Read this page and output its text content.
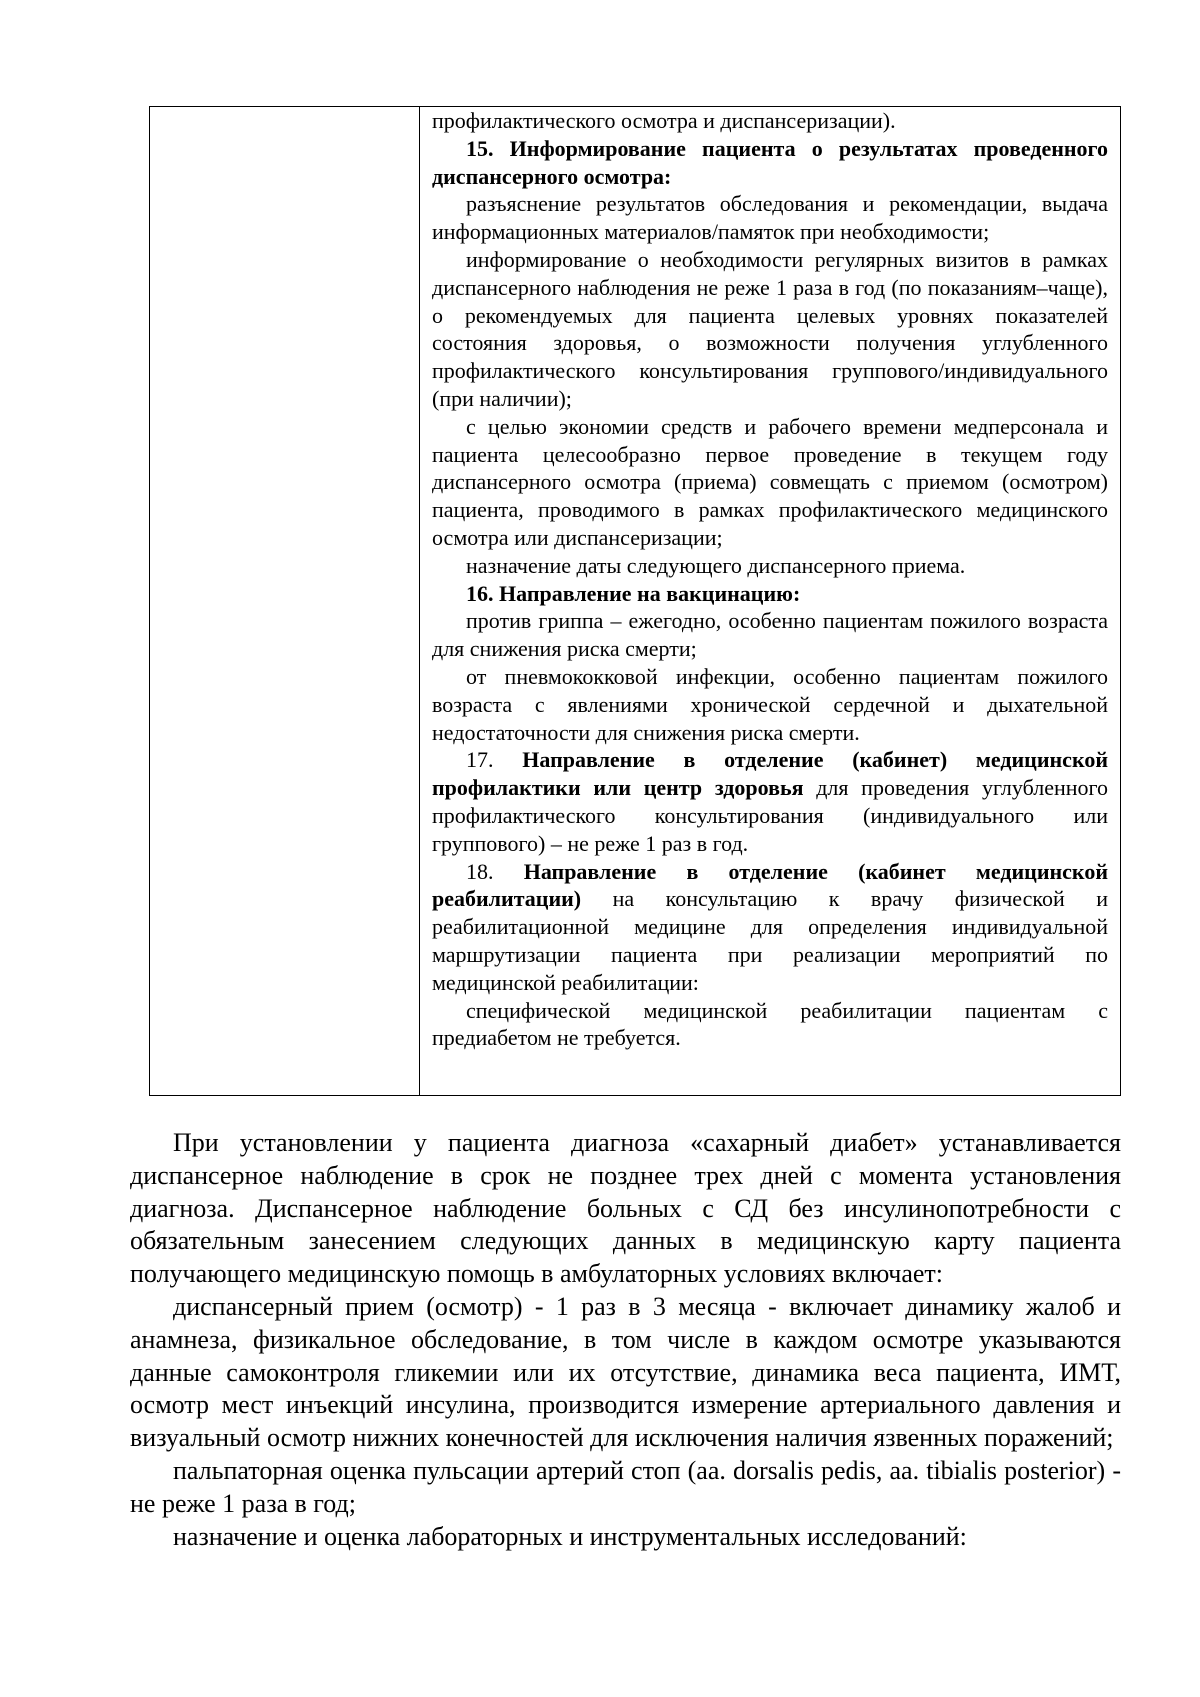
профилактического осмотра и диспансеризации).

15. Информирование пациента о результатах проведенного диспансерного осмотра:

разъяснение результатов обследования и рекомендации, выдача информационных материалов/памяток при необходимости;

информирование о необходимости регулярных визитов в рамках диспансерного наблюдения не реже 1 раза в год (по показаниям–чаще), о рекомендуемых для пациента целевых уровнях показателей состояния здоровья, о возможности получения углубленного профилактического консультирования группового/индивидуального (при наличии);

с целью экономии средств и рабочего времени медперсонала и пациента целесообразно первое проведение в текущем году диспансерного осмотра (приема) совмещать с приемом (осмотром) пациента, проводимого в рамках профилактического медицинского осмотра или диспансеризации;

назначение даты следующего диспансерного приема.

16. Направление на вакцинацию:

против гриппа – ежегодно, особенно пациентам пожилого возраста для снижения риска смерти;

от пневмококковой инфекции, особенно пациентам пожилого возраста с явлениями хронической сердечной и дыхательной недостаточности для снижения риска смерти.

17. Направление в отделение (кабинет) медицинской профилактики или центр здоровья для проведения углубленного профилактического консультирования (индивидуального или группового) – не реже 1 раз в год.

18. Направление в отделение (кабинет медицинской реабилитации) на консультацию к врачу физической и реабилитационной медицине для определения индивидуальной маршрутизации пациента при реализации мероприятий по медицинской реабилитации:

специфической медицинской реабилитации пациентам с предиабетом не требуется.

При установлении у пациента диагноза «сахарный диабет» устанавливается диспансерное наблюдение в срок не позднее трех дней с момента установления диагноза. Диспансерное наблюдение больных с СД без инсулинопотребности с обязательным занесением следующих данных в медицинскую карту пациента получающего медицинскую помощь в амбулаторных условиях включает:

диспансерный прием (осмотр) - 1 раз в 3 месяца - включает динамику жалоб и анамнеза, физикальное обследование, в том числе в каждом осмотре указываются данные самоконтроля гликемии или их отсутствие, динамика веса пациента, ИМТ, осмотр мест инъекций инсулина, производится измерение артериального давления и визуальный осмотр нижних конечностей для исключения наличия язвенных поражений;

пальпаторная оценка пульсации артерий стоп (aa. dorsalis pedis, aa. tibialis posterior) - не реже 1 раза в год;

назначение и оценка лабораторных и инструментальных исследований:
